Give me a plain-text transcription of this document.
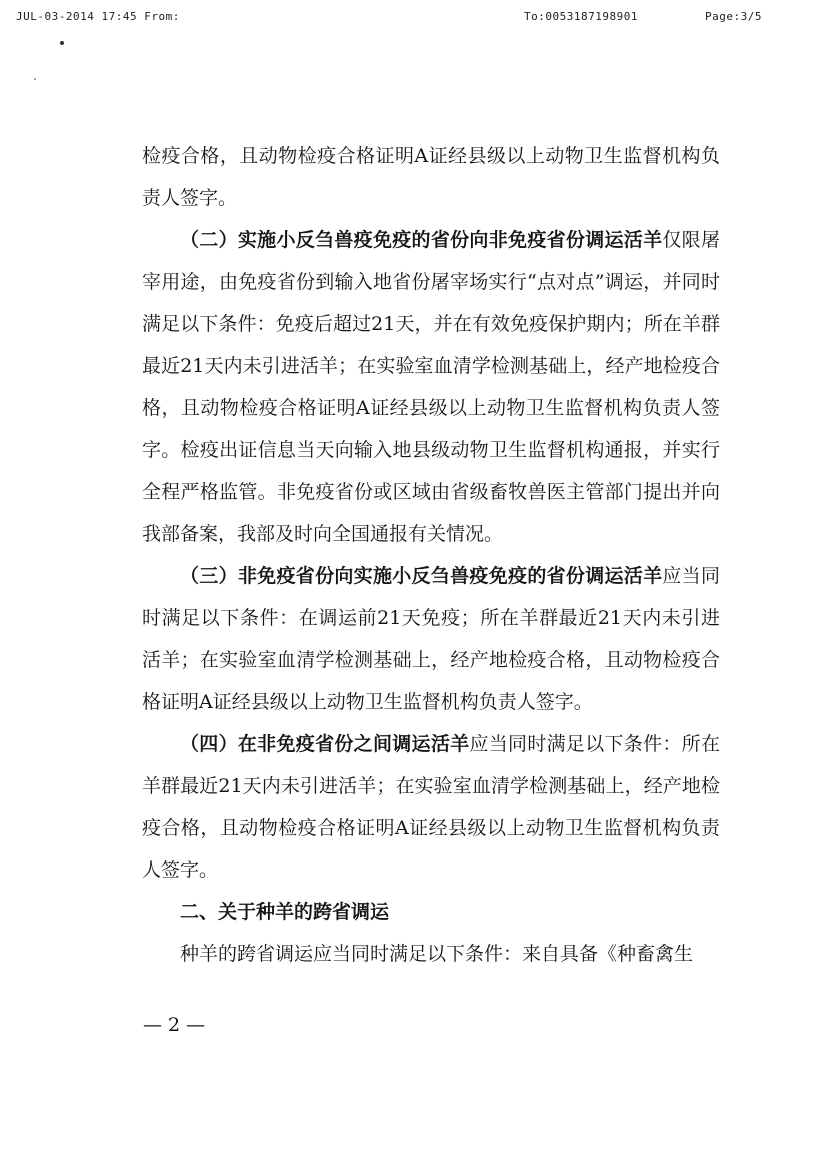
JUL-03-2014 17:45 From:	To:0053187198901	Page:3/5

检疫合格，且动物检疫合格证明A证经县级以上动物卫生监督机构负责人签字。

（二）实施小反刍兽疫免疫的省份向非免疫省份调运活羊仅限屠宰用途，由免疫省份到输入地省份屠宰场实行“点对点”调运，并同时满足以下条件：免疫后超过21天，并在有效免疫保护期内；所在羊群最近21天内未引进活羊；在实验室血清学检测基础上，经产地检疫合格，且动物检疫合格证明A证经县级以上动物卫生监督机构负责人签字。检疫出证信息当天向输入地县级动物卫生监督机构通报，并实行全程严格监管。非免疫省份或区域由省级畜牧兽医主管部门提出并向我部备案，我部及时向全国通报有关情况。

（三）非免疫省份向实施小反刍兽疫免疫的省份调运活羊应当同时满足以下条件：在调运前21天免疫；所在羊群最近21天内未引进活羊；在实验室血清学检测基础上，经产地检疫合格，且动物检疫合格证明A证经县级以上动物卫生监督机构负责人签字。

（四）在非免疫省份之间调运活羊应当同时满足以下条件：所在羊群最近21天内未引进活羊；在实验室血清学检测基础上，经产地检疫合格，且动物检疫合格证明A证经县级以上动物卫生监督机构负责人签字。

二、关于种羊的跨省调运

种羊的跨省调运应当同时满足以下条件：来自具备《种畜禽生

— 2 —
